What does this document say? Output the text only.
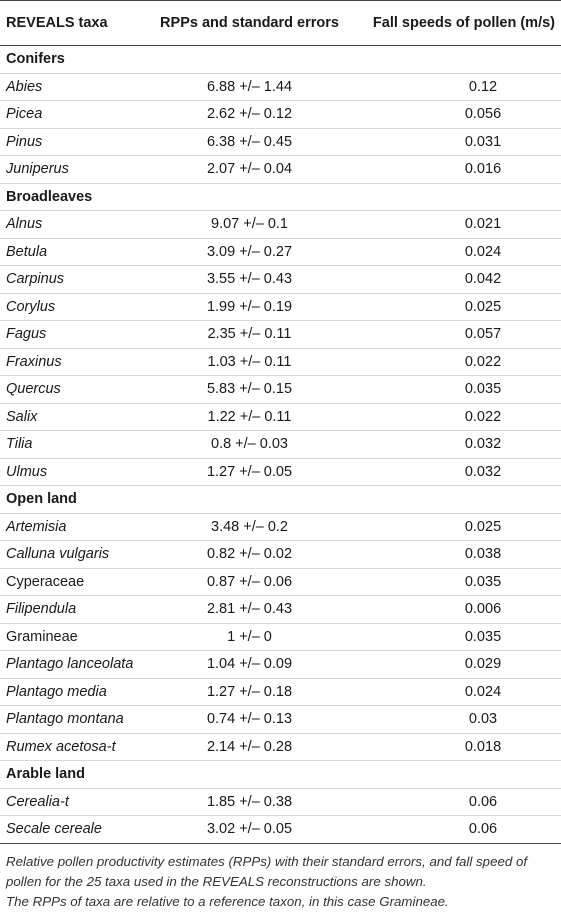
REVEALS taxa	RPPs and standard errors	Fall speeds of pollen (m/s)
Conifers		
Abies	6.88 +/– 1.44	0.12
Picea	2.62 +/– 0.12	0.056
Pinus	6.38 +/– 0.45	0.031
Juniperus	2.07 +/– 0.04	0.016
Broadleaves		
Alnus	9.07 +/– 0.1	0.021
Betula	3.09 +/– 0.27	0.024
Carpinus	3.55 +/– 0.43	0.042
Corylus	1.99 +/– 0.19	0.025
Fagus	2.35 +/– 0.11	0.057
Fraxinus	1.03 +/– 0.11	0.022
Quercus	5.83 +/– 0.15	0.035
Salix	1.22 +/– 0.11	0.022
Tilia	0.8 +/– 0.03	0.032
Ulmus	1.27 +/– 0.05	0.032
Open land		
Artemisia	3.48 +/– 0.2	0.025
Calluna vulgaris	0.82 +/– 0.02	0.038
Cyperaceae	0.87 +/– 0.06	0.035
Filipendula	2.81 +/– 0.43	0.006
Gramineae	1 +/– 0	0.035
Plantago lanceolata	1.04 +/– 0.09	0.029
Plantago media	1.27 +/– 0.18	0.024
Plantago montana	0.74 +/– 0.13	0.03
Rumex acetosa-t	2.14 +/– 0.28	0.018
Arable land		
Cerealia-t	1.85 +/– 0.38	0.06
Secale cereale	3.02 +/– 0.05	0.06

Relative pollen productivity estimates (RPPs) with their standard errors, and fall speed of pollen for the 25 taxa used in the REVEALS reconstructions are shown.

The RPPs of taxa are relative to a reference taxon, in this case Gramineae.
